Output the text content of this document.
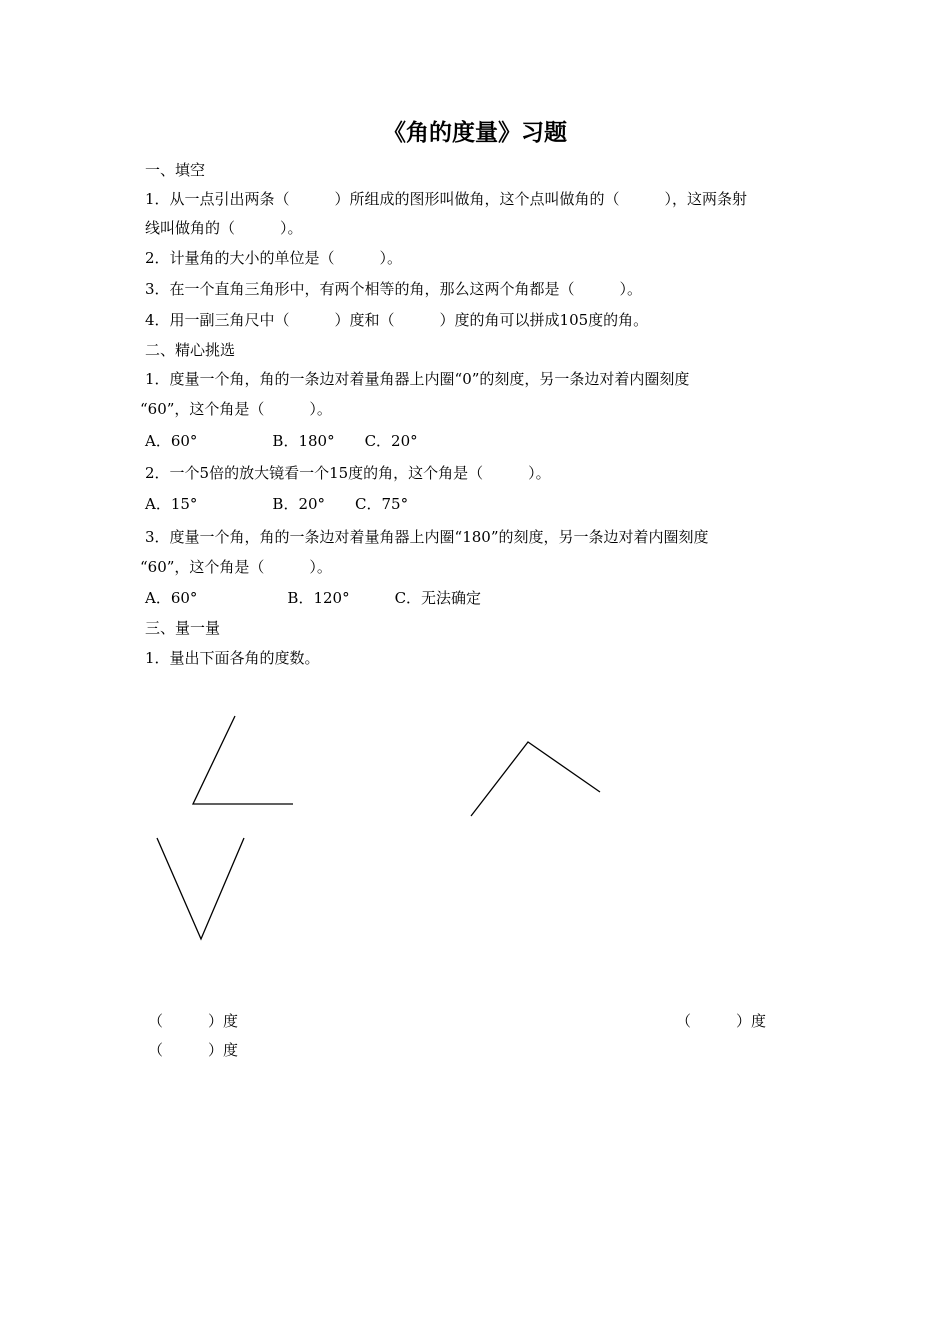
《角的度量》习题
一、填空
1．从一点引出两条（　　　）所组成的图形叫做角，这个点叫做角的（　　　），这两条射
线叫做角的（　　　）。
2．计量角的大小的单位是（　　　）。
3．在一个直角三角形中，有两个相等的角，那么这两个角都是（　　　）。
4．用一副三角尺中（　　　）度和（　　　）度的角可以拼成105度的角。
二、精心挑选
1．度量一个角，角的一条边对着量角器上内圈“0”的刻度，另一条边对着内圈刻度
“60”，这个角是（　　　）。
A．60°　　　　　B．180°　　C．20°
2．一个5倍的放大镜看一个15度的角，这个角是（　　　）。
A．15°　　　　　B．20°　　C．75°
3．度量一个角，角的一条边对着量角器上内圈“180”的刻度，另一条边对着内圈刻度
“60”，这个角是（　　　）。
A．60°　　　　　　B．120°　　　C．无法确定
三、量一量
1．量出下面各角的度数。
（　　　）度	（　　　）度
（　　　）度
